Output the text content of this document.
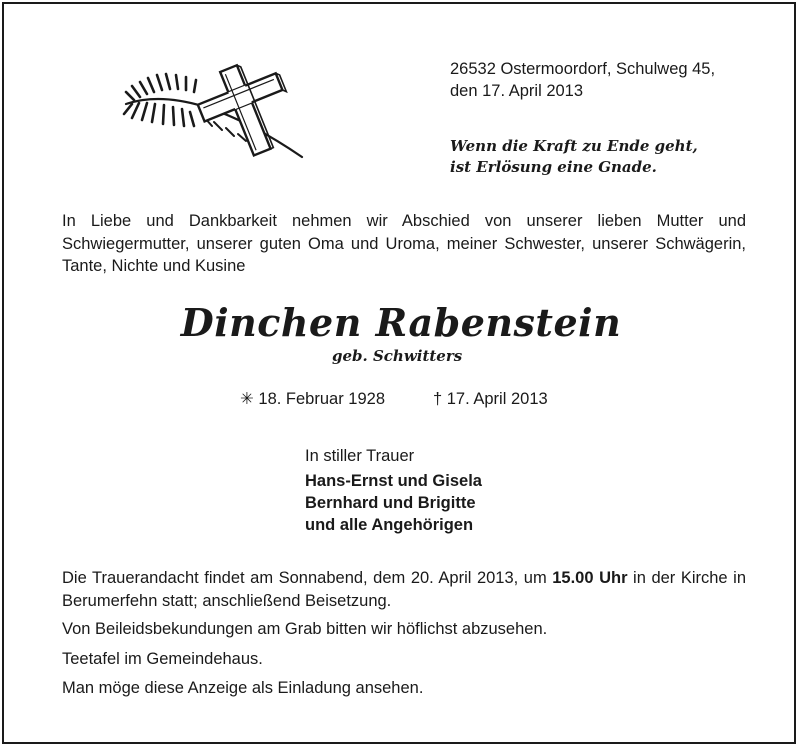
26532 Ostermoordorf, Schulweg 45,
den 17. April 2013
Wenn die Kraft zu Ende geht,
ist Erlösung eine Gnade.
In Liebe und Dankbarkeit nehmen wir Abschied von unserer lieben Mutter und Schwiegermutter, unserer guten Oma und Uroma, meiner Schwester, unserer Schwägerin, Tante, Nichte und Kusine
Dinchen Rabenstein
geb. Schwitters
✳ 18. Februar 1928	† 17. April 2013
In stiller Trauer
Hans-Ernst und Gisela
Bernhard und Brigitte
und alle Angehörigen

Die Trauerandacht findet am Sonnabend, dem 20. April 2013, um 15.00 Uhr in der Kirche in Berumerfehn statt; anschließend Beisetzung.

Von Beileidsbekundungen am Grab bitten wir höflichst abzusehen.

Teetafel im Gemeindehaus.

Man möge diese Anzeige als Einladung ansehen.
